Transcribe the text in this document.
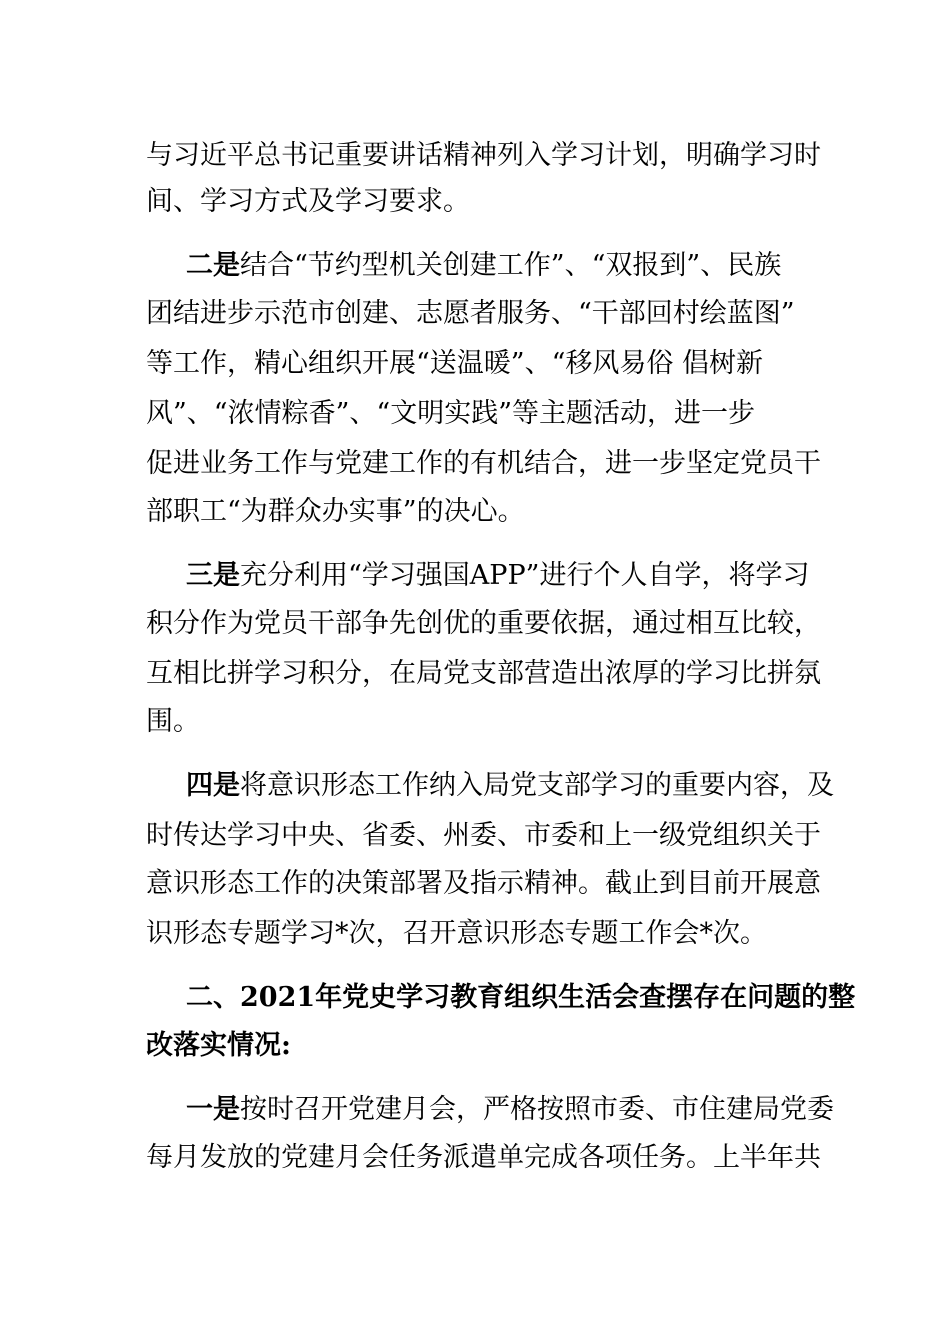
与习近平总书记重要讲话精神列入学习计划，明确学习时

间、学习方式及学习要求。

二是结合“节约型机关创建工作”、“双报到”、民族

团结进步示范市创建、志愿者服务、“干部回村绘蓝图”

等工作，精心组织开展“送温暖”、“移风易俗 倡树新

风”、“浓情粽香”、“文明实践”等主题活动，进一步

促进业务工作与党建工作的有机结合，进一步坚定党员干

部职工“为群众办实事”的决心。

三是充分利用“学习强国APP”进行个人自学，将学习

积分作为党员干部争先创优的重要依据，通过相互比较，

互相比拼学习积分，在局党支部营造出浓厚的学习比拼氛

围。

四是将意识形态工作纳入局党支部学习的重要内容，及

时传达学习中央、省委、州委、市委和上一级党组织关于

意识形态工作的决策部署及指示精神。截止到目前开展意

识形态专题学习*次，召开意识形态专题工作会*次。

二、2021年党史学习教育组织生活会查摆存在问题的整

改落实情况:

一是按时召开党建月会，严格按照市委、市住建局党委

每月发放的党建月会任务派遣单完成各项任务。上半年共
